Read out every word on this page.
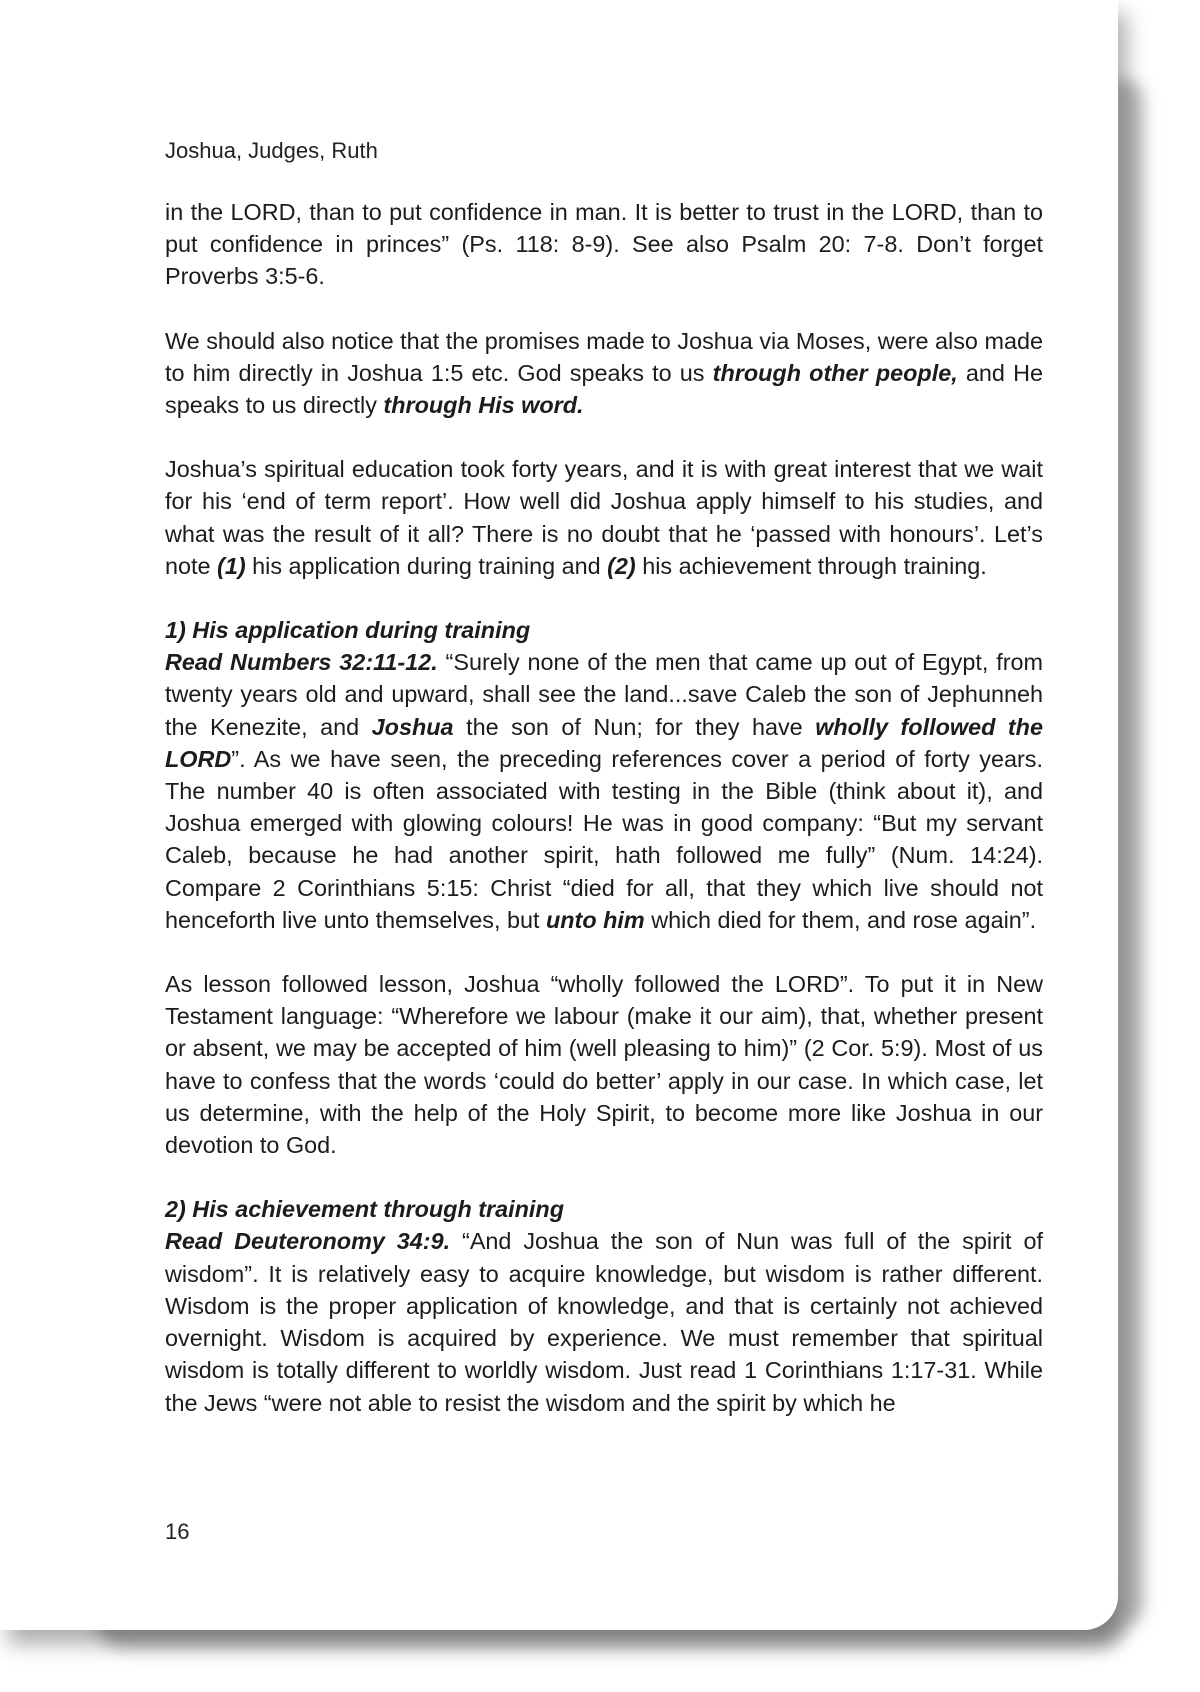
Joshua, Judges, Ruth

in the LORD, than to put confidence in man. It is better to trust in the LORD, than to put confidence in princes” (Ps. 118: 8-9). See also Psalm 20: 7-8. Don’t forget Proverbs 3:5-6.

We should also notice that the promises made to Joshua via Moses, were also made to him directly in Joshua 1:5 etc. God speaks to us through other people, and He speaks to us directly through His word.

Joshua’s spiritual education took forty years, and it is with great interest that we wait for his ‘end of term report’. How well did Joshua apply himself to his studies, and what was the result of it all? There is no doubt that he ‘passed with honours’. Let’s note (1) his application during training and (2) his achievement through training.

1) His application during training

Read Numbers 32:11-12. “Surely none of the men that came up out of Egypt, from twenty years old and upward, shall see the land...save Caleb the son of Jephunneh the Kenezite, and Joshua the son of Nun; for they have wholly followed the LORD”. As we have seen, the preceding references cover a period of forty years. The number 40 is often associated with testing in the Bible (think about it), and Joshua emerged with glowing colours! He was in good company: “But my servant Caleb, because he had another spirit, hath followed me fully” (Num. 14:24). Compare 2 Corinthians 5:15: Christ “died for all, that they which live should not henceforth live unto themselves, but unto him which died for them, and rose again”.

As lesson followed lesson, Joshua “wholly followed the LORD”. To put it in New Testament language: “Wherefore we labour (make it our aim), that, whether present or absent, we may be accepted of him (well pleasing to him)” (2 Cor. 5:9). Most of us have to confess that the words ‘could do better’ apply in our case. In which case, let us determine, with the help of the Holy Spirit, to become more like Joshua in our devotion to God.

2) His achievement through training

Read Deuteronomy 34:9. “And Joshua the son of Nun was full of the spirit of wisdom”. It is relatively easy to acquire knowledge, but wisdom is rather different. Wisdom is the proper application of knowledge, and that is certainly not achieved overnight. Wisdom is acquired by experience. We must remember that spiritual wisdom is totally different to worldly wisdom. Just read 1 Corinthians 1:17-31. While the Jews “were not able to resist the wisdom and the spirit by which he

16
